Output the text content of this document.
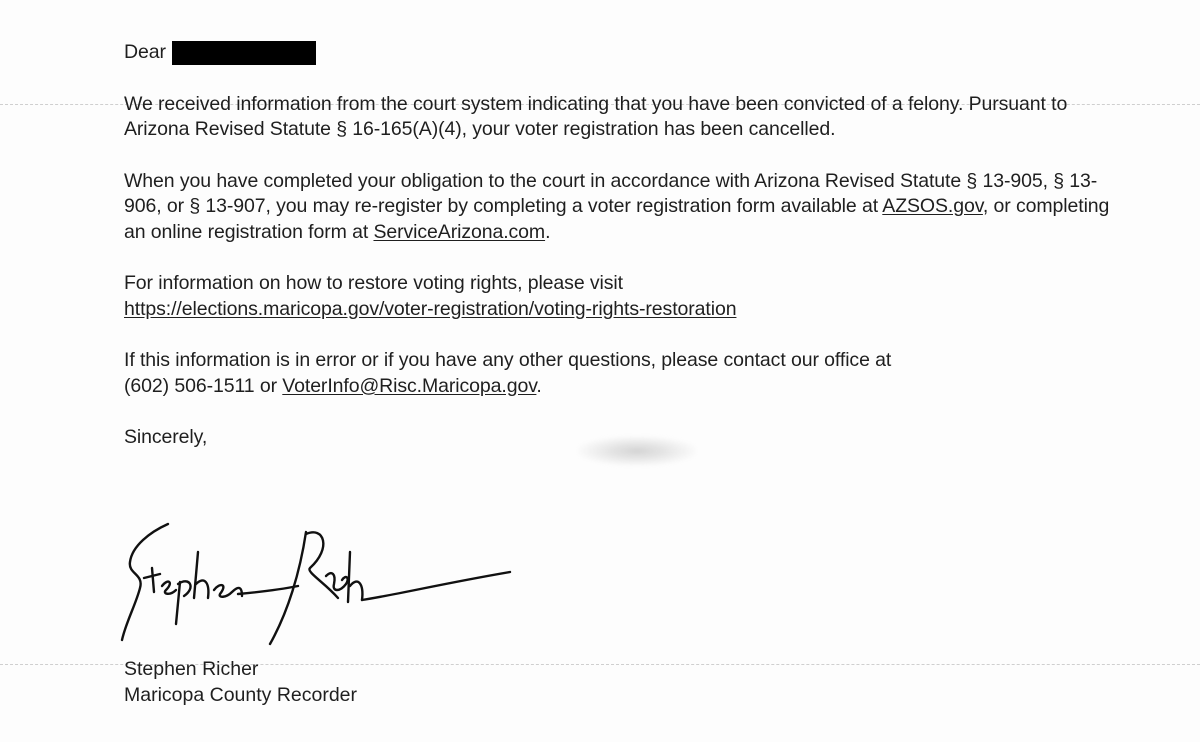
Dear

We received information from the court system indicating that you have been convicted of a felony. Pursuant to Arizona Revised Statute § 16-165(A)(4), your voter registration has been cancelled.

When you have completed your obligation to the court in accordance with Arizona Revised Statute § 13-905, § 13-906, or § 13-907, you may re-register by completing a voter registration form available at AZSOS.gov, or completing an online registration form at ServiceArizona.com.

For information on how to restore voting rights, please visit
https://elections.maricopa.gov/voter-registration/voting-rights-restoration

If this information is in error or if you have any other questions, please contact our office at
(602) 506-1511 or VoterInfo@Risc.Maricopa.gov.

Sincerely,

Stephen Richer
Maricopa County Recorder
